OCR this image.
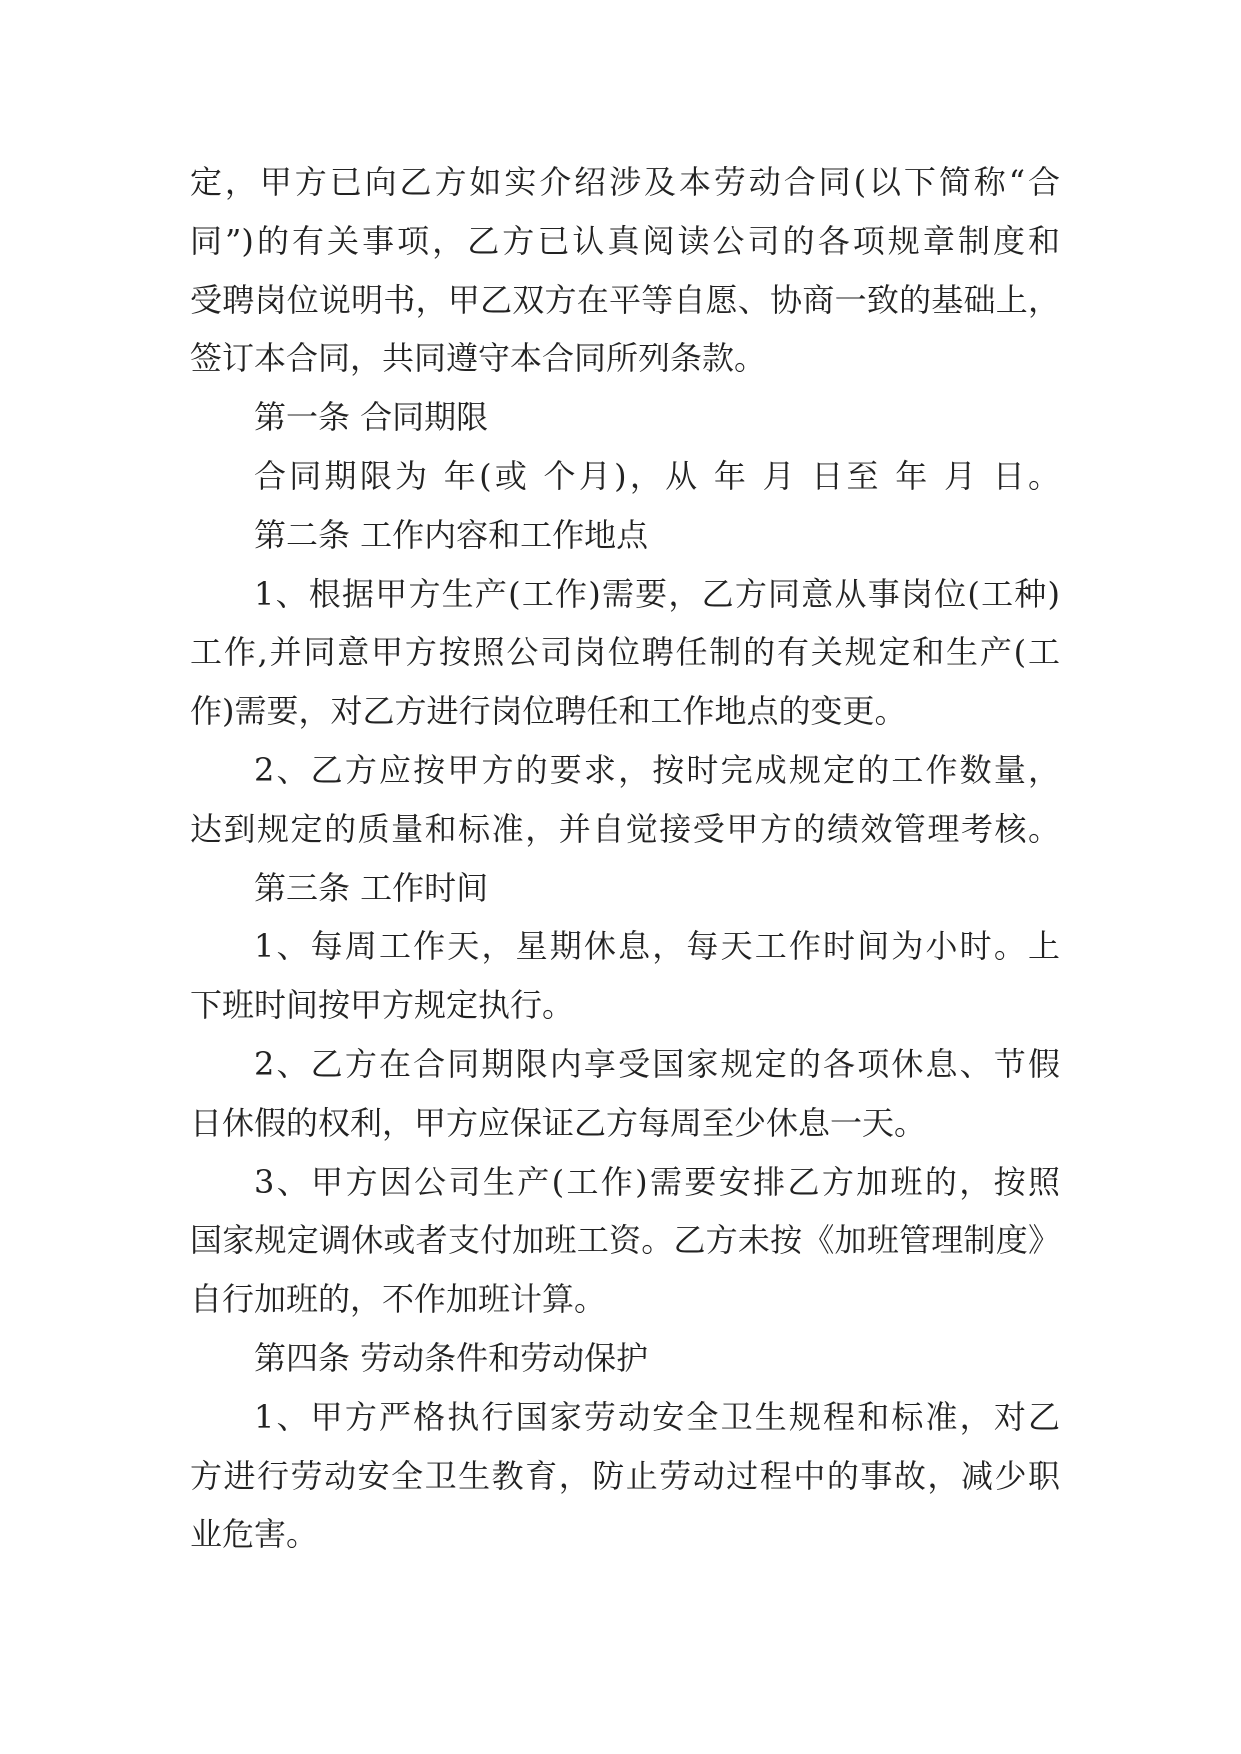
定，甲方已向乙方如实介绍涉及本劳动合同(以下简称“合
同”)的有关事项，乙方已认真阅读公司的各项规章制度和
受聘岗位说明书，甲乙双方在平等自愿、协商一致的基础上，
签订本合同，共同遵守本合同所列条款。
第一条 合同期限
合同期限为 年(或 个月)，从 年 月 日至 年 月 日。
第二条 工作内容和工作地点
1、根据甲方生产(工作)需要，乙方同意从事岗位(工种)
工作,并同意甲方按照公司岗位聘任制的有关规定和生产(工
作)需要，对乙方进行岗位聘任和工作地点的变更。
2、乙方应按甲方的要求，按时完成规定的工作数量，
达到规定的质量和标准，并自觉接受甲方的绩效管理考核。
第三条 工作时间
1、每周工作天，星期休息，每天工作时间为小时。上
下班时间按甲方规定执行。
2、乙方在合同期限内享受国家规定的各项休息、节假
日休假的权利，甲方应保证乙方每周至少休息一天。
3、甲方因公司生产(工作)需要安排乙方加班的，按照
国家规定调休或者支付加班工资。乙方未按《加班管理制度》
自行加班的，不作加班计算。
第四条 劳动条件和劳动保护
1、甲方严格执行国家劳动安全卫生规程和标准，对乙
方进行劳动安全卫生教育，防止劳动过程中的事故，减少职
业危害。
